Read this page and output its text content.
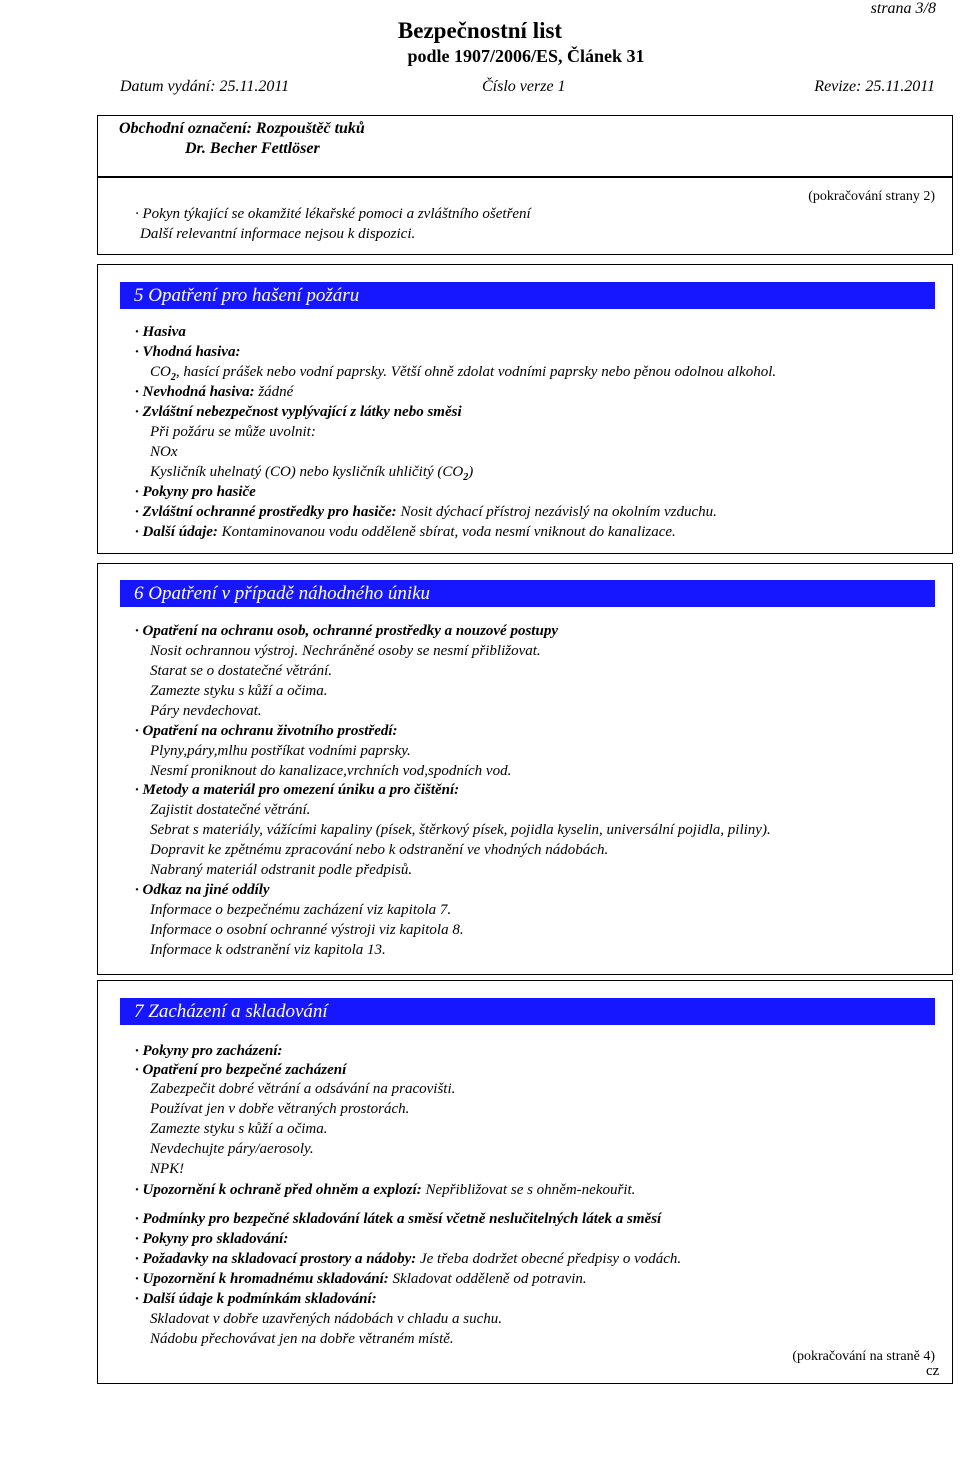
strana 3/8
Bezpečnostní list
podle 1907/2006/ES, Článek 31
Datum vydání: 25.11.2011	Číslo verze 1	Revize: 25.11.2011
Obchodní označení: Rozpouštěč tuků
Dr. Becher Fettlöser
(pokračování strany 2)
· Pokyn týkající se okamžité lékařské pomoci a zvláštního ošetření
Další relevantní informace nejsou k dispozici.
5 Opatření pro hašení požáru
· Hasiva
· Vhodná hasiva:
$CO_2$, hasící prášek nebo vodní paprsky. Větší ohně zdolat vodními paprsky nebo pěnou odolnou alkohol.
· Nevhodná hasiva: žádné
· Zvláštní nebezpečnost vyplývající z látky nebo směsi
Při požáru se může uvolnit:
NOx
Kysličník uhelnatý (CO) nebo kysličník uhličitý $(CO_2)$
· Pokyny pro hasiče
· Zvláštní ochranné prostředky pro hasiče: Nosit dýchací přístroj nezávislý na okolním vzduchu.
· Další údaje: Kontaminovanou vodu odděleně sbírat, voda nesmí vniknout do kanalizace.
6 Opatření v případě náhodného úniku
· Opatření na ochranu osob, ochranné prostředky a nouzové postupy
Nosit ochrannou výstroj. Nechráněné osoby se nesmí přibližovat.
Starat se o dostatečné větrání.
Zamezte styku s kůží a očima.
Páry nevdechovat.
· Opatření na ochranu životního prostředí:
Plyny,páry,mlhu postříkat vodními paprsky.
Nesmí proniknout do kanalizace,vrchních vod,spodních vod.
· Metody a materiál pro omezení úniku a pro čištění:
Zajistit dostatečné větrání.
Sebrat s materiály, vážícími kapaliny (písek, štěrkový písek, pojidla kyselin, universální pojidla, piliny).
Dopravit ke zpětnému zpracování nebo k odstranění ve vhodných nádobách.
Nabraný materiál odstranit podle předpisů.
· Odkaz na jiné oddíly
Informace o bezpečnému zacházení viz kapitola 7.
Informace o osobní ochranné výstroji viz kapitola 8.
Informace k odstranění viz kapitola 13.
7 Zacházení a skladování
· Pokyny pro zacházení:
· Opatření pro bezpečné zacházení
Zabezpečit dobré větrání a odsávání na pracovišti.
Používat jen v dobře větraných prostorách.
Zamezte styku s kůží a očima.
Nevdechujte páry/aerosoly.
NPK!
· Upozornění k ochraně před ohněm a explozí: Nepřibližovat se s ohněm-nekouřit.
· Podmínky pro bezpečné skladování látek a směsí včetně neslučitelných látek a směsí
· Pokyny pro skladování:
· Požadavky na skladovací prostory a nádoby: Je třeba dodržet obecné předpisy o vodách.
· Upozornění k hromadnému skladování: Skladovat odděleně od potravin.
· Další údaje k podmínkám skladování:
Skladovat v dobře uzavřených nádobách v chladu a suchu.
Nádobu přechovávat jen na dobře větraném místě.
(pokračování na straně 4)
cz
